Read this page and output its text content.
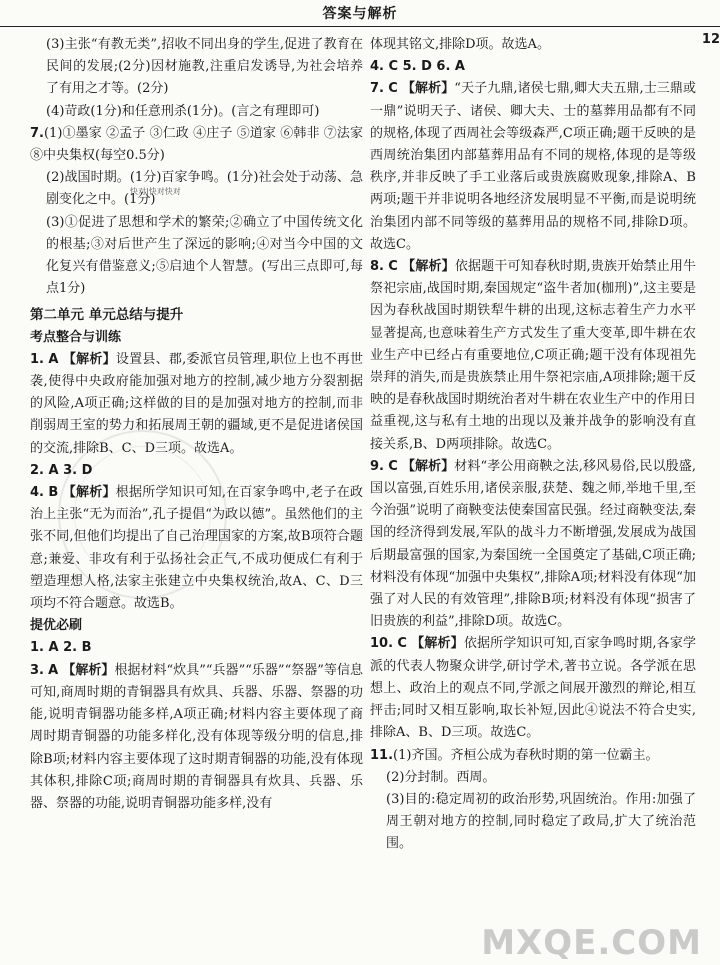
答案与解析
12
快对|快对快对

(3)主张“有教无类”,招收不同出身的学生,促进了教育在民间的发展;(2分)因材施教,注重启发诱导,为社会培养了有用之才等。(2分)

(4)苛政(1分)和任意刑杀(1分)。(言之有理即可)

7.(1)①墨家 ②孟子 ③仁政 ④庄子 ⑤道家 ⑥韩非 ⑦法家 ⑧中央集权(每空0.5分)

(2)战国时期。(1分)百家争鸣。(1分)社会处于动荡、急剧变化之中。(1分)

(3)①促进了思想和学术的繁荣;②确立了中国传统文化的根基;③对后世产生了深远的影响;④对当今中国的文化复兴有借鉴意义;⑤启迪个人智慧。(写出三点即可,每点1分)

第二单元 单元总结与提升

考点整合与训练

1. A 【解析】设置县、郡,委派官员管理,职位上也不再世袭,使得中央政府能加强对地方的控制,减少地方分裂割据的风险,A项正确;这样做的目的是加强对地方的控制,而非削弱周王室的势力和拓展周王朝的疆域,更不是促进诸侯国的交流,排除B、C、D三项。故选A。

2. A 3. D

4. B 【解析】根据所学知识可知,在百家争鸣中,老子在政治上主张“无为而治”,孔子提倡“为政以德”。虽然他们的主张不同,但他们均提出了自己治理国家的方案,故B项符合题意;兼爱、非攻有利于弘扬社会正气,不成功便成仁有利于塑造理想人格,法家主张建立中央集权统治,故A、C、D三项均不符合题意。故选B。

提优必刷

1. A 2. B

3. A 【解析】根据材料“炊具”“兵器”“乐器”“祭器”等信息可知,商周时期的青铜器具有炊具、兵器、乐器、祭器的功能,说明青铜器功能多样,A项正确;材料内容主要体现了商周时期青铜器的功能多样化,没有体现等级分明的信息,排除B项;材料内容主要体现了这时期青铜器的功能,没有体现其体积,排除C项;商周时期的青铜器具有炊具、兵器、乐器、祭器的功能,说明青铜器功能多样,没有

体现其铭文,排除D项。故选A。

4. C 5. D 6. A

7. C 【解析】“天子九鼎,诸侯七鼎,卿大夫五鼎,士三鼎或一鼎”说明天子、诸侯、卿大夫、士的墓葬用品都有不同的规格,体现了西周社会等级森严,C项正确;题干反映的是西周统治集团内部墓葬用品有不同的规格,体现的是等级秩序,并非反映了手工业落后或贵族腐败现象,排除A、B两项;题干并非说明各地经济发展明显不平衡,而是说明统治集团内部不同等级的墓葬用品的规格不同,排除D项。故选C。

8. C 【解析】依据题干可知春秋时期,贵族开始禁止用牛祭祀宗庙,战国时期,秦国规定“盗牛者加(枷刑)”,这主要是因为春秋战国时期铁犁牛耕的出现,这标志着生产力水平显著提高,也意味着生产方式发生了重大变革,即牛耕在农业生产中已经占有重要地位,C项正确;题干没有体现祖先崇拜的消失,而是贵族禁止用牛祭祀宗庙,A项排除;题干反映的是春秋战国时期统治者对牛耕在农业生产中的作用日益重视,这与私有土地的出现以及兼并战争的影响没有直接关系,B、D两项排除。故选C。

9. C 【解析】材料“孝公用商鞅之法,移风易俗,民以殷盛,国以富强,百姓乐用,诸侯亲服,获楚、魏之师,举地千里,至今治强”说明了商鞅变法使秦国富民强。经过商鞅变法,秦国的经济得到发展,军队的战斗力不断增强,发展成为战国后期最富强的国家,为秦国统一全国奠定了基础,C项正确;材料没有体现“加强中央集权”,排除A项;材料没有体现“加强了对人民的有效管理”,排除B项;材料没有体现“损害了旧贵族的利益”,排除D项。故选C。

10. C 【解析】依据所学知识可知,百家争鸣时期,各家学派的代表人物聚众讲学,研讨学术,著书立说。各学派在思想上、政治上的观点不同,学派之间展开激烈的辩论,相互抨击;同时又相互影响,取长补短,因此④说法不符合史实,排除A、B、D三项。故选C。

11.(1)齐国。齐桓公成为春秋时期的第一位霸主。

(2)分封制。西周。

(3)目的:稳定周初的政治形势,巩固统治。作用:加强了周王朝对地方的控制,同时稳定了政局,扩大了统治范围。

MXQE.COM
